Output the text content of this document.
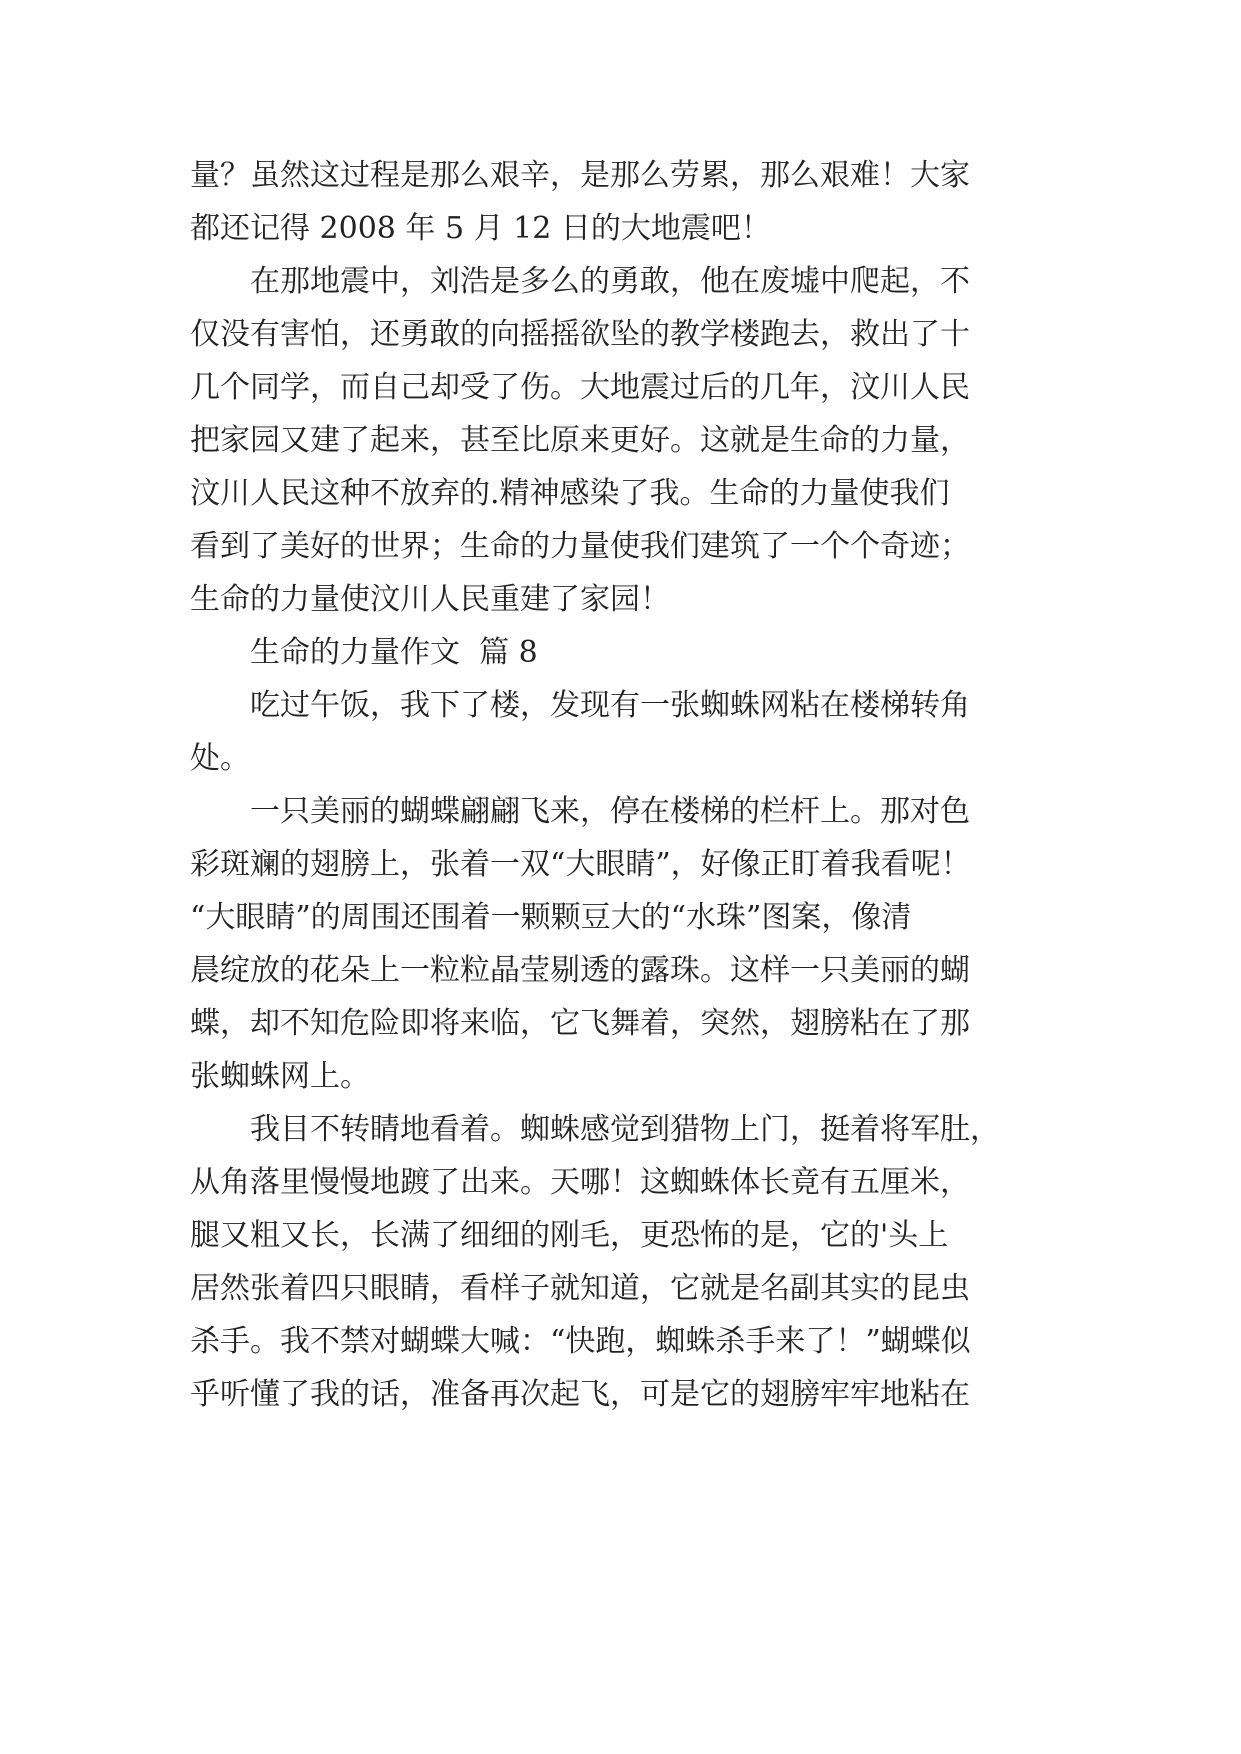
量？虽然这过程是那么艰辛，是那么劳累，那么艰难！大家
都还记得 2008 年 5 月 12 日的大地震吧！
在那地震中，刘浩是多么的勇敢，他在废墟中爬起，不
仅没有害怕，还勇敢的向摇摇欲坠的教学楼跑去，救出了十
几个同学，而自己却受了伤。大地震过后的几年，汶川人民
把家园又建了起来，甚至比原来更好。这就是生命的力量，
汶川人民这种不放弃的.精神感染了我。生命的力量使我们
看到了美好的世界；生命的力量使我们建筑了一个个奇迹；
生命的力量使汶川人民重建了家园！
生命的力量作文  篇 8
吃过午饭，我下了楼，发现有一张蜘蛛网粘在楼梯转角
处。
一只美丽的蝴蝶翩翩飞来，停在楼梯的栏杆上。那对色
彩斑斓的翅膀上，张着一双“大眼睛”，好像正盯着我看呢！
“大眼睛”的周围还围着一颗颗豆大的“水珠”图案，像清
晨绽放的花朵上一粒粒晶莹剔透的露珠。这样一只美丽的蝴
蝶，却不知危险即将来临，它飞舞着，突然，翅膀粘在了那
张蜘蛛网上。
我目不转睛地看着。蜘蛛感觉到猎物上门，挺着将军肚，
从角落里慢慢地踱了出来。天哪！这蜘蛛体长竟有五厘米，
腿又粗又长，长满了细细的刚毛，更恐怖的是，它的'头上
居然张着四只眼睛，看样子就知道，它就是名副其实的昆虫
杀手。我不禁对蝴蝶大喊：“快跑，蜘蛛杀手来了！”蝴蝶似
乎听懂了我的话，准备再次起飞，可是它的翅膀牢牢地粘在
